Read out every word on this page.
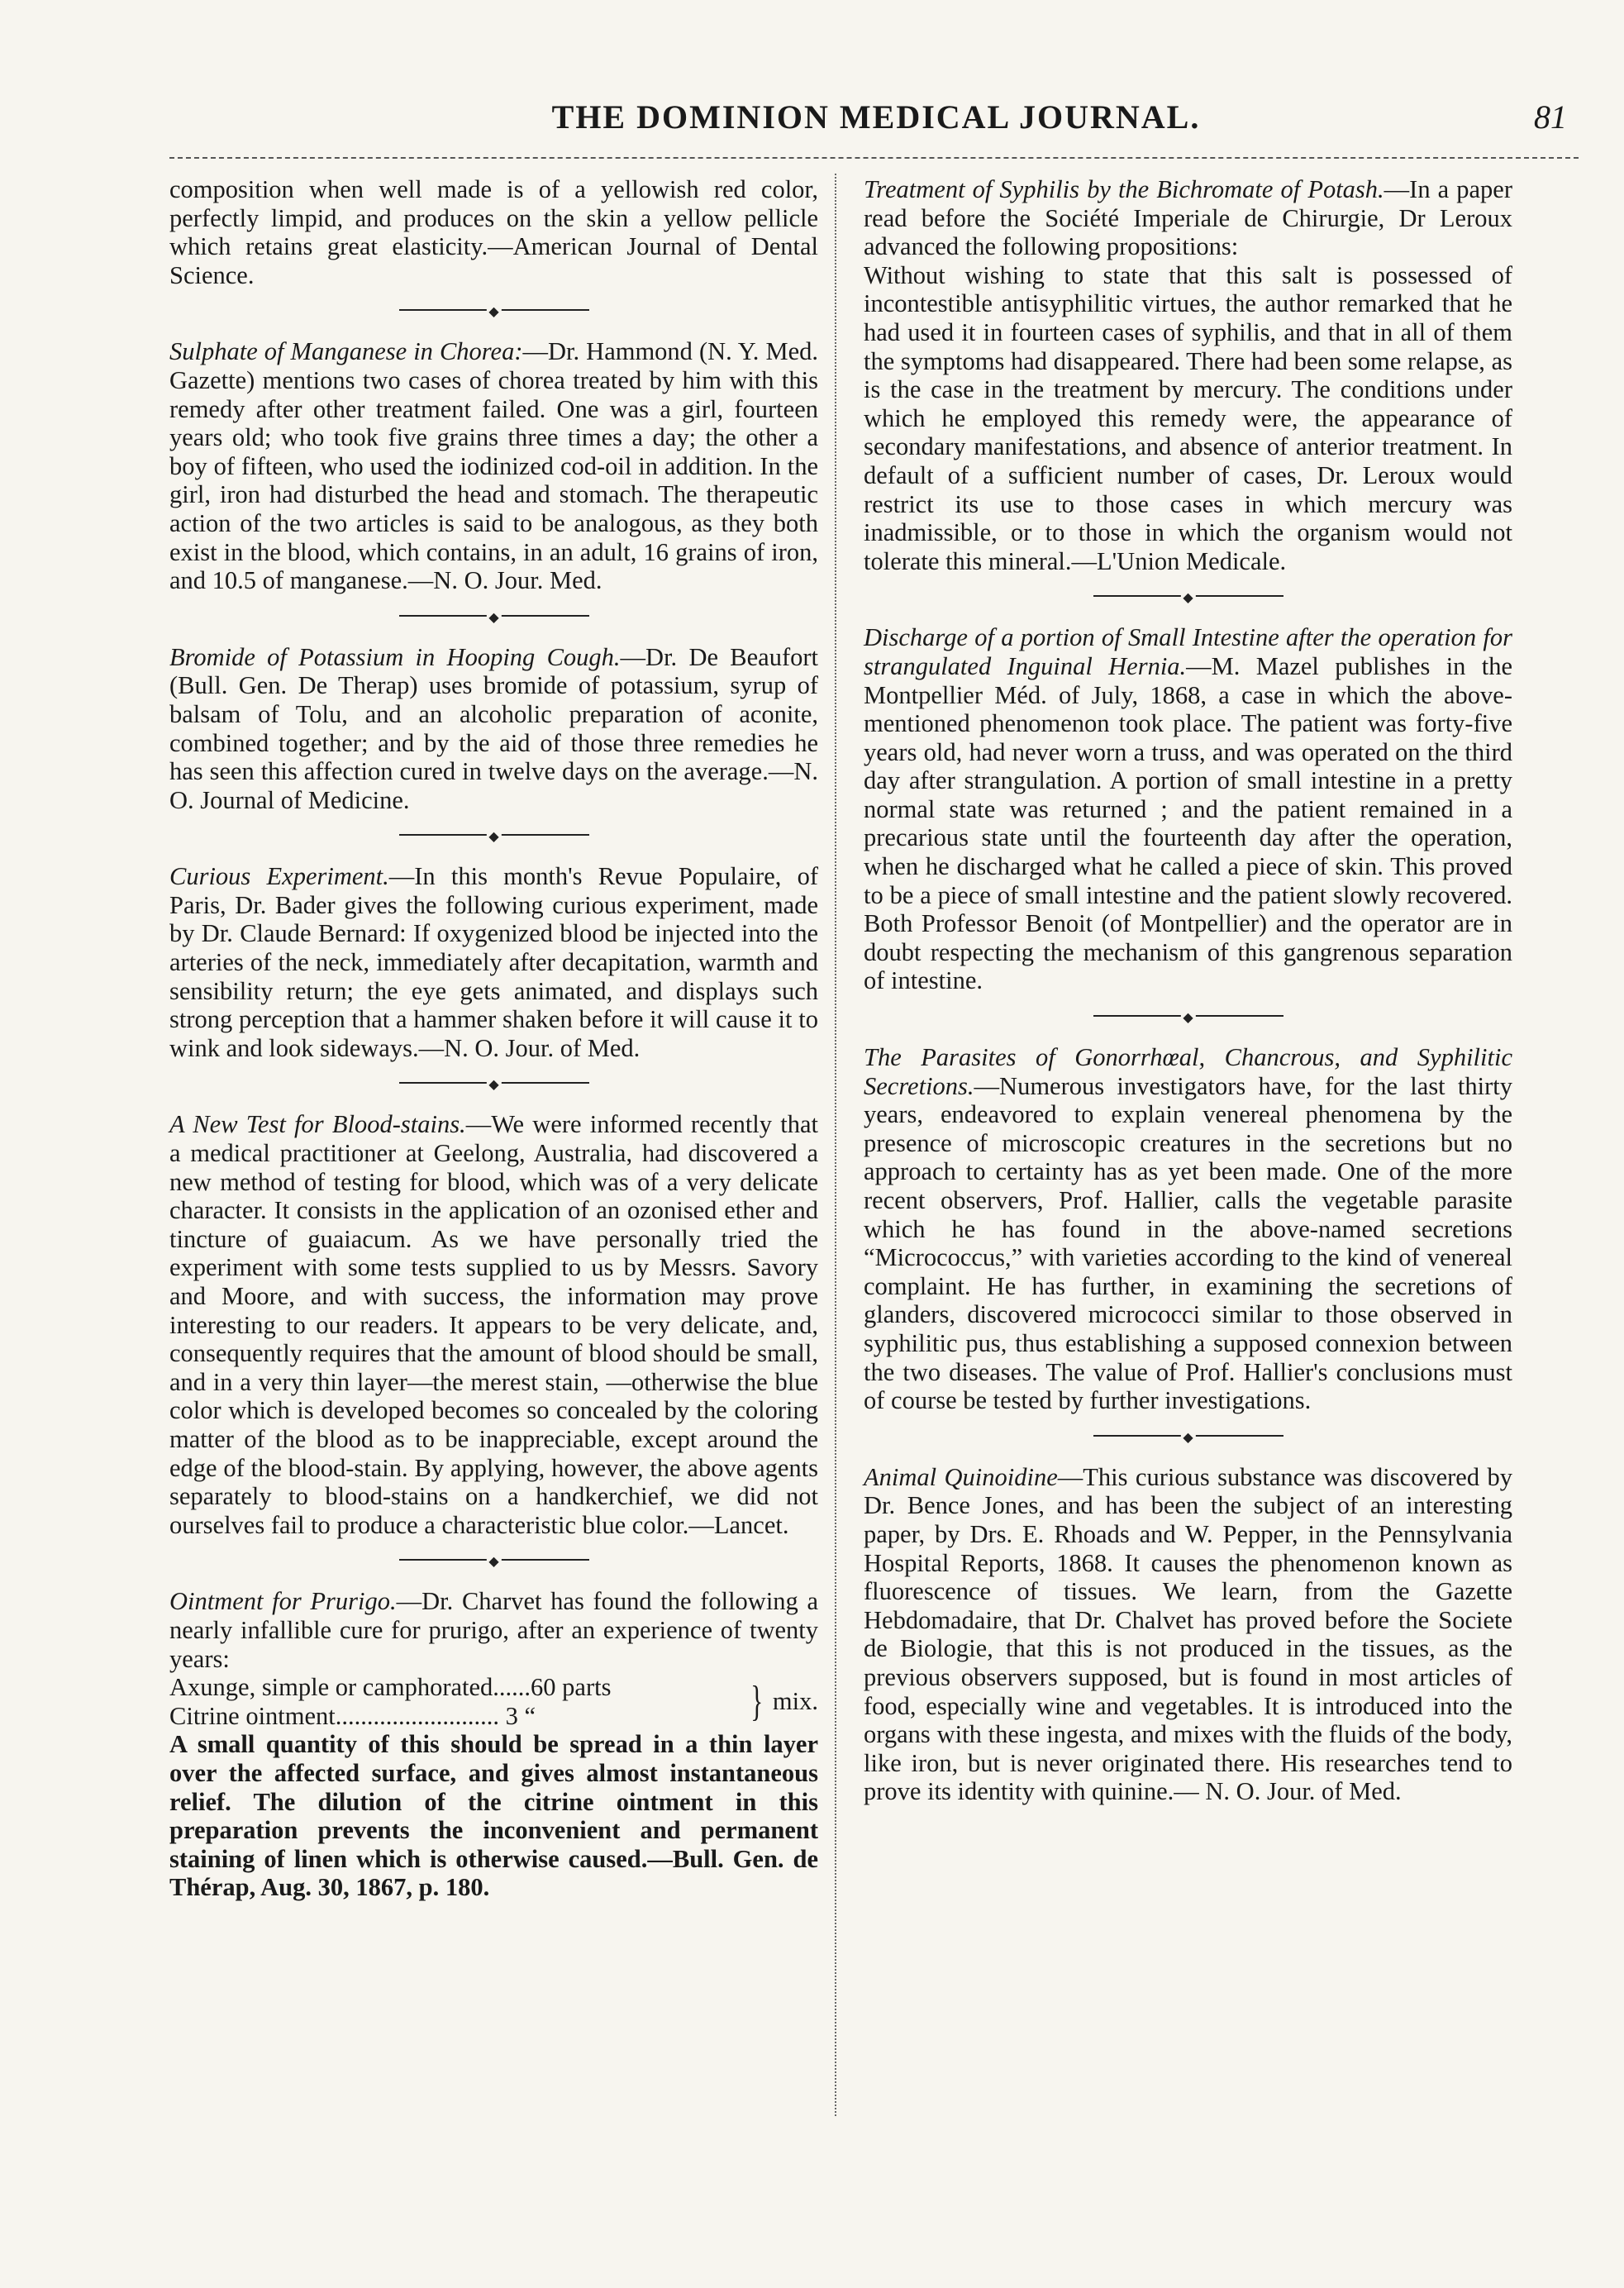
THE DOMINION MEDICAL JOURNAL.	81

composition when well made is of a yellowish red color, perfectly limpid, and produces on the skin a yellow pellicle which retains great elasticity.—American Journal of Dental Science.

◆

Sulphate of Manganese in Chorea:—Dr. Hammond (N. Y. Med. Gazette) mentions two cases of chorea treated by him with this remedy after other treatment failed. One was a girl, fourteen years old; who took five grains three times a day; the other a boy of fifteen, who used the iodinized cod-oil in addition. In the girl, iron had disturbed the head and stomach. The therapeutic action of the two articles is said to be analogous, as they both exist in the blood, which contains, in an adult, 16 grains of iron, and 10.5 of manganese.—N. O. Jour. Med.

◆

Bromide of Potassium in Hooping Cough.—Dr. De Beaufort (Bull. Gen. De Therap) uses bromide of potassium, syrup of balsam of Tolu, and an alcoholic preparation of aconite, combined together; and by the aid of those three remedies he has seen this affection cured in twelve days on the average.—N. O. Journal of Medicine.

◆

Curious Experiment.—In this month's Revue Populaire, of Paris, Dr. Bader gives the following curious experiment, made by Dr. Claude Bernard: If oxygenized blood be injected into the arteries of the neck, immediately after decapitation, warmth and sensibility return; the eye gets animated, and displays such strong perception that a hammer shaken before it will cause it to wink and look sideways.—N. O. Jour. of Med.

◆

A New Test for Blood-stains.—We were informed recently that a medical practitioner at Geelong, Australia, had discovered a new method of testing for blood, which was of a very delicate character. It consists in the application of an ozonised ether and tincture of guaiacum. As we have personally tried the experiment with some tests supplied to us by Messrs. Savory and Moore, and with success, the information may prove interesting to our readers. It appears to be very delicate, and, consequently requires that the amount of blood should be small, and in a very thin layer—the merest stain, —otherwise the blue color which is developed becomes so concealed by the coloring matter of the blood as to be inappreciable, except around the edge of the blood-stain. By applying, however, the above agents separately to blood-stains on a handkerchief, we did not ourselves fail to produce a characteristic blue color.—Lancet.

◆

Ointment for Prurigo.—Dr. Charvet has found the following a nearly infallible cure for prurigo, after an experience of twenty years:

Axunge, simple or camphorated......60 parts
Citrine ointment.......................... 3 “	} mix.

A small quantity of this should be spread in a thin layer over the affected surface, and gives almost instantaneous relief. The dilution of the citrine ointment in this preparation prevents the inconvenient and permanent staining of linen which is otherwise caused.—Bull. Gen. de Thérap, Aug. 30, 1867, p. 180.

Treatment of Syphilis by the Bichromate of Potash.—In a paper read before the Société Imperiale de Chirurgie, Dr Leroux advanced the following propositions:

Without wishing to state that this salt is possessed of incontestible antisyphilitic virtues, the author remarked that he had used it in fourteen cases of syphilis, and that in all of them the symptoms had disappeared. There had been some relapse, as is the case in the treatment by mercury. The conditions under which he employed this remedy were, the appearance of secondary manifestations, and absence of anterior treatment. In default of a sufficient number of cases, Dr. Leroux would restrict its use to those cases in which mercury was inadmissible, or to those in which the organism would not tolerate this mineral.—L'Union Medicale.

◆

Discharge of a portion of Small Intestine after the operation for strangulated Inguinal Hernia.—M. Mazel publishes in the Montpellier Méd. of July, 1868, a case in which the above-mentioned phenomenon took place. The patient was forty-five years old, had never worn a truss, and was operated on the third day after strangulation. A portion of small intestine in a pretty normal state was returned ; and the patient remained in a precarious state until the fourteenth day after the operation, when he discharged what he called a piece of skin. This proved to be a piece of small intestine and the patient slowly recovered. Both Professor Benoit (of Montpellier) and the operator are in doubt respecting the mechanism of this gangrenous separation of intestine.

◆

The Parasites of Gonorrhœal, Chancrous, and Syphilitic Secretions.—Numerous investigators have, for the last thirty years, endeavored to explain venereal phenomena by the presence of microscopic creatures in the secretions but no approach to certainty has as yet been made. One of the more recent observers, Prof. Hallier, calls the vegetable parasite which he has found in the above-named secretions “Micrococcus,” with varieties according to the kind of venereal complaint. He has further, in examining the secretions of glanders, discovered micrococci similar to those observed in syphilitic pus, thus establishing a supposed connexion between the two diseases. The value of Prof. Hallier's conclusions must of course be tested by further investigations.

◆

Animal Quinoidine—This curious substance was discovered by Dr. Bence Jones, and has been the subject of an interesting paper, by Drs. E. Rhoads and W. Pepper, in the Pennsylvania Hospital Reports, 1868. It causes the phenomenon known as fluorescence of tissues. We learn, from the Gazette Hebdomadaire, that Dr. Chalvet has proved before the Societe de Biologie, that this is not produced in the tissues, as the previous observers supposed, but is found in most articles of food, especially wine and vegetables. It is introduced into the organs with these ingesta, and mixes with the fluids of the body, like iron, but is never originated there. His researches tend to prove its identity with quinine.— N. O. Jour. of Med.
